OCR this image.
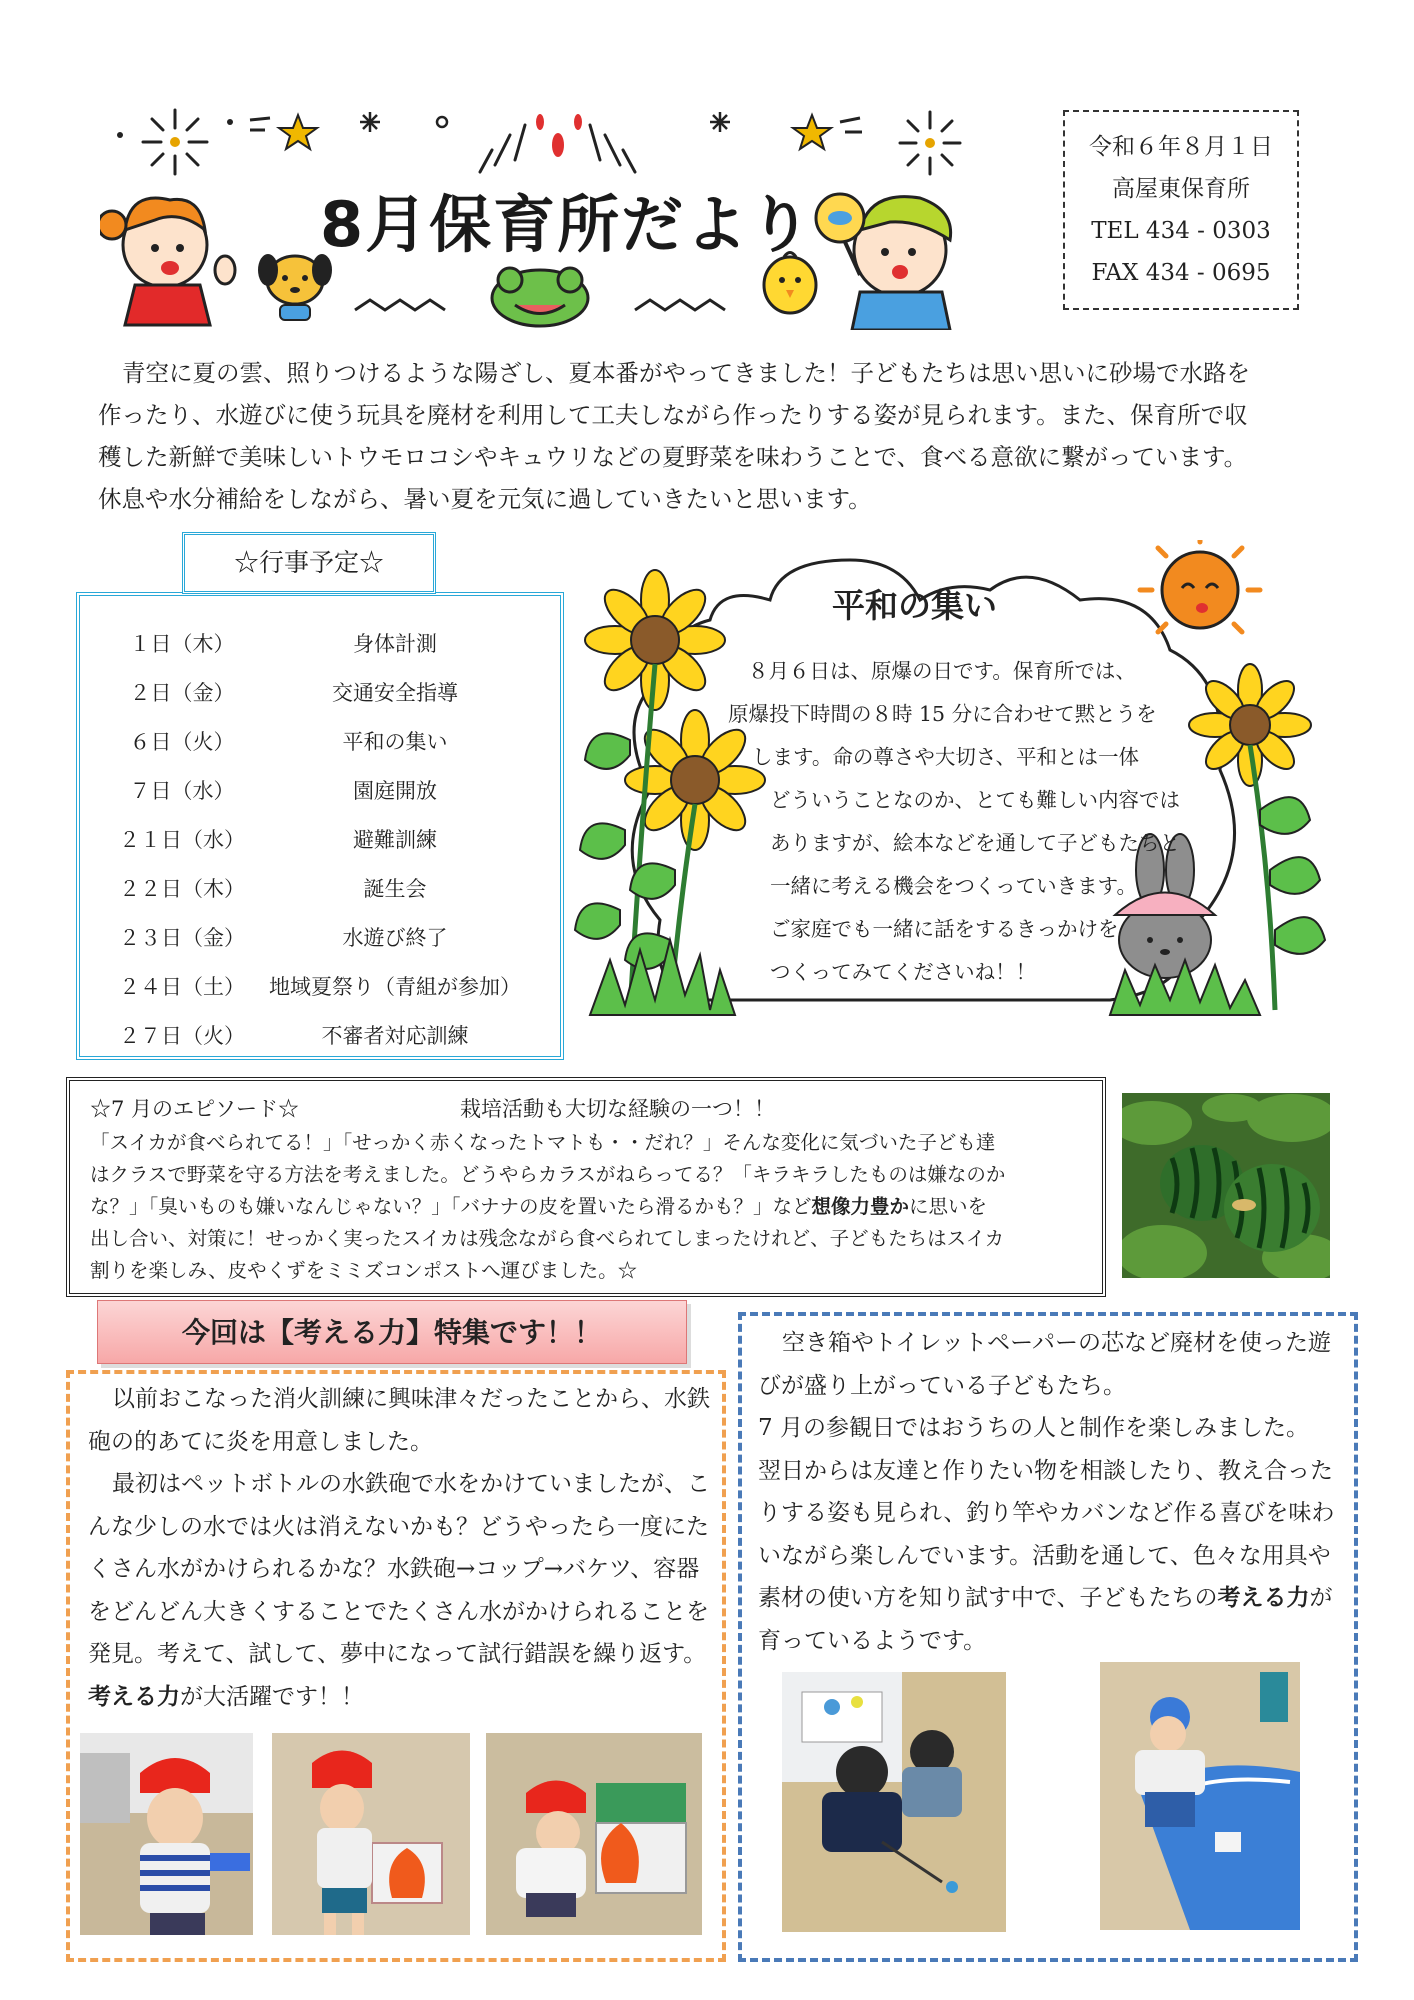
8月保育所だより
令和６年８月１日
高屋東保育所
TEL 434 - 0303
FAX 434 - 0695
青空に夏の雲、照りつけるような陽ざし、夏本番がやってきました！子どもたちは思い思いに砂場で水路を
作ったり、水遊びに使う玩具を廃材を利用して工夫しながら作ったりする姿が見られます。また、保育所で収
穫した新鮮で美味しいトウモロコシやキュウリなどの夏野菜を味わうことで、食べる意欲に繋がっています。
休息や水分補給をしながら、暑い夏を元気に過していきたいと思います。
☆行事予定☆
１日（木）	身体計測
２日（金）	交通安全指導
６日（火）	平和の集い
７日（水）	園庭開放
２１日（水）	避難訓練
２２日（木）	誕生会
２３日（金）	水遊び終了
２４日（土） 地域夏祭り（青組が参加）
２７日（火）	不審者対応訓練
平和の集い
８月６日は、原爆の日です。保育所では、
原爆投下時間の８時 15 分に合わせて黙とうを
します。命の尊さや大切さ、平和とは一体
どういうことなのか、とても難しい内容では
ありますが、絵本などを通して子どもたちと
一緒に考える機会をつくっていきます。
ご家庭でも一緒に話をするきっかけを
つくってみてくださいね！！
☆7 月のエピソード☆	栽培活動も大切な経験の一つ！！
「スイカが食べられてる！」「せっかく赤くなったトマトも・・だれ？」そんな変化に気づいた子ども達
はクラスで野菜を守る方法を考えました。どうやらカラスがねらってる？「キラキラしたものは嫌なのか
な？」「臭いものも嫌いなんじゃない？」「バナナの皮を置いたら滑るかも？」など想像力豊かに思いを
出し合い、対策に！せっかく実ったスイカは残念ながら食べられてしまったけれど、子どもたちはスイカ
割りを楽しみ、皮やくずをミミズコンポストへ運びました。☆
今回は【考える力】特集です！！
以前おこなった消火訓練に興味津々だったことから、水鉄砲の的あてに炎を用意しました。
最初はペットボトルの水鉄砲で水をかけていましたが、こんな少しの水では火は消えないかも？どうやったら一度にたくさん水がかけられるかな？水鉄砲→コップ→バケツ、容器をどんどん大きくすることでたくさん水がかけられることを発見。考えて、試して、夢中になって試行錯誤を繰り返す。考える力が大活躍です！！
空き箱やトイレットペーパーの芯など廃材を使った遊びが盛り上がっている子どもたち。
7 月の参観日ではおうちの人と制作を楽しみました。
翌日からは友達と作りたい物を相談したり、教え合ったりする姿も見られ、釣り竿やカバンなど作る喜びを味わいながら楽しんでいます。活動を通して、色々な用具や素材の使い方を知り試す中で、子どもたちの考える力が育っているようです。
